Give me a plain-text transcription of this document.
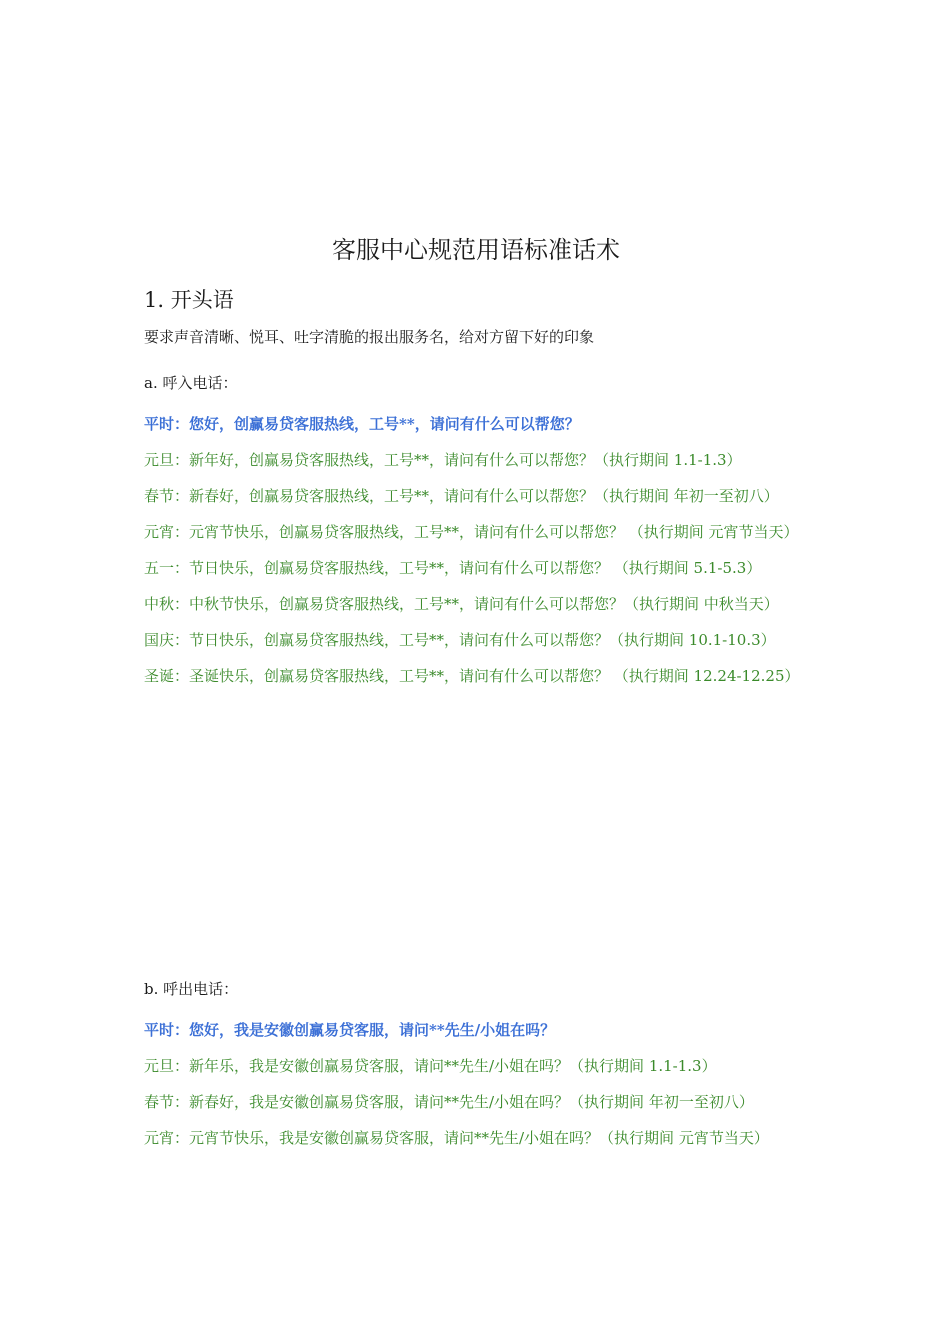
客服中心规范用语标准话术
1. 开头语
要求声音清晰、悦耳、吐字清脆的报出服务名，给对方留下好的印象
a. 呼入电话：
平时：您好，创赢易贷客服热线，工号**，请问有什么可以帮您？
元旦：新年好，创赢易贷客服热线，工号**，请问有什么可以帮您？（执行期间 1.1-1.3）
春节：新春好，创赢易贷客服热线，工号**，请问有什么可以帮您？（执行期间 年初一至初八）
元宵：元宵节快乐，创赢易贷客服热线，工号**，请问有什么可以帮您？ （执行期间 元宵节当天）
五一：节日快乐，创赢易贷客服热线，工号**，请问有什么可以帮您？ （执行期间 5.1-5.3）
中秋：中秋节快乐，创赢易贷客服热线，工号**，请问有什么可以帮您？（执行期间 中秋当天）
国庆：节日快乐，创赢易贷客服热线，工号**，请问有什么可以帮您？（执行期间 10.1-10.3）
圣诞：圣诞快乐，创赢易贷客服热线，工号**，请问有什么可以帮您？ （执行期间 12.24-12.25）
b. 呼出电话：
平时：您好，我是安徽创赢易贷客服，请问**先生/小姐在吗？
元旦：新年乐，我是安徽创赢易贷客服，请问**先生/小姐在吗？（执行期间 1.1-1.3）
春节：新春好，我是安徽创赢易贷客服，请问**先生/小姐在吗？（执行期间 年初一至初八）
元宵：元宵节快乐，我是安徽创赢易贷客服，请问**先生/小姐在吗？（执行期间 元宵节当天）
